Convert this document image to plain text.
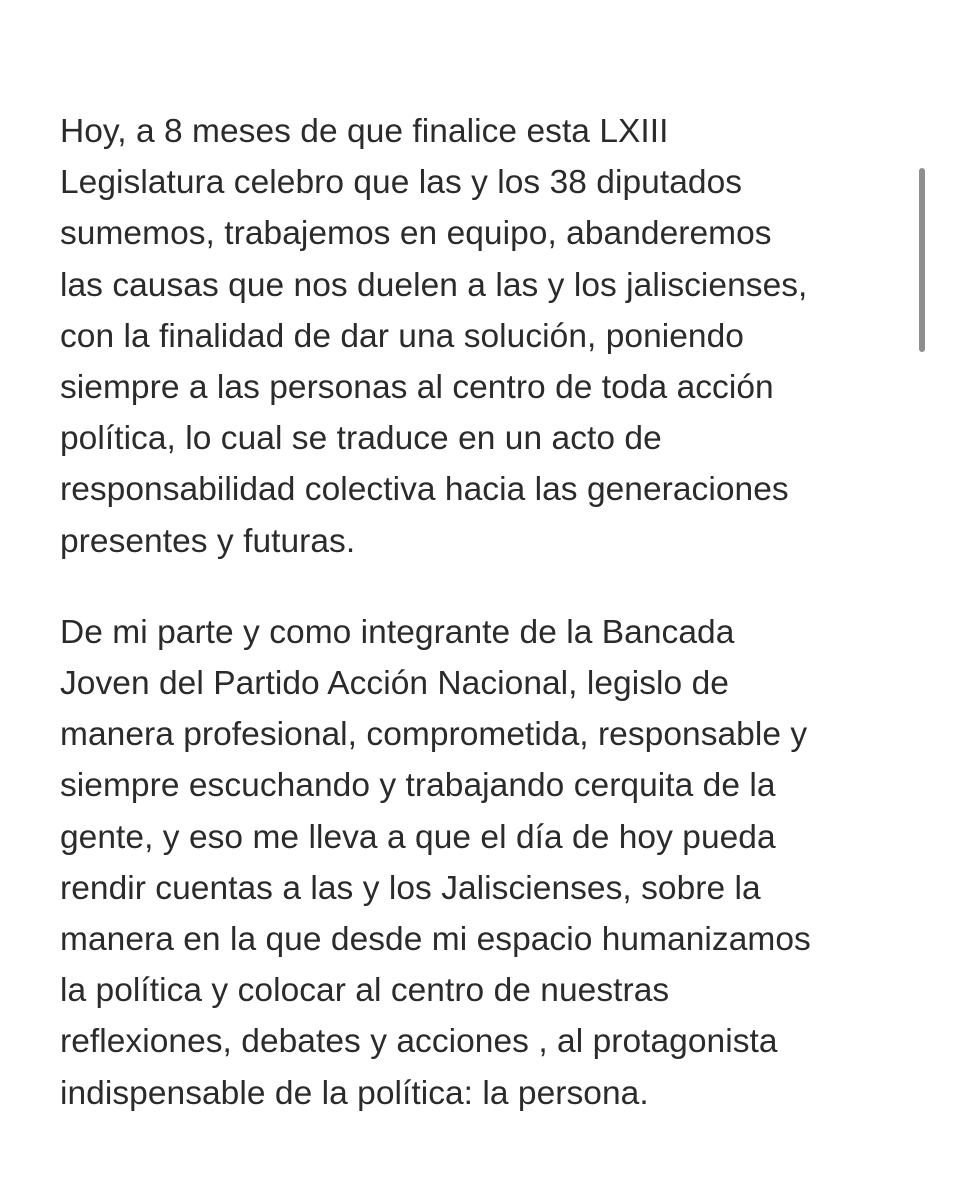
Hoy, a 8 meses de que finalice esta LXIII
Legislatura celebro que las y los 38 diputados
sumemos, trabajemos en equipo, abanderemos
las causas que nos duelen a las y los jaliscienses,
con la finalidad de dar una solución, poniendo
siempre a las personas al centro de toda acción
política, lo cual se traduce en un acto de
responsabilidad colectiva hacia las generaciones
presentes y futuras.

De mi parte y como integrante de la Bancada
Joven del Partido Acción Nacional, legislo de
manera profesional, comprometida, responsable y
siempre escuchando y trabajando cerquita de la
gente, y eso me lleva a que el día de hoy pueda
rendir cuentas a las y los Jaliscienses, sobre la
manera en la que desde mi espacio humanizamos
la política y colocar al centro de nuestras
reflexiones, debates y acciones , al protagonista
indispensable de la política: la persona.
